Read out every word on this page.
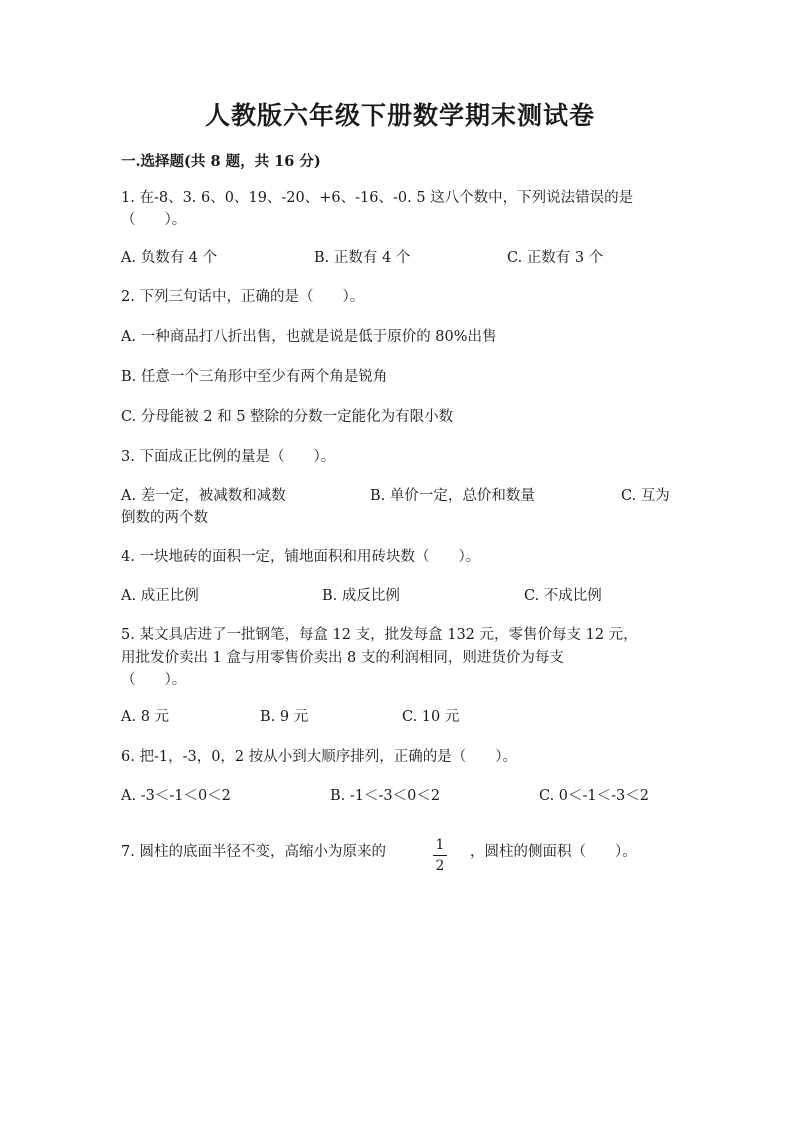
人教版六年级下册数学期末测试卷
一.选择题(共 8 题，共 16 分)
1. 在-8、3. 6、0、19、-20、+6、-16、-0. 5 这八个数中，下列说法错误的是
（　　）。
A. 负数有 4 个	B. 正数有 4 个	C. 正数有 3 个
2. 下列三句话中，正确的是（　　）。
A. 一种商品打八折出售，也就是说是低于原价的 80%出售
B. 任意一个三角形中至少有两个角是锐角
C. 分母能被 2 和 5 整除的分数一定能化为有限小数
3. 下面成正比例的量是（　　）。
A. 差一定，被减数和减数	B. 单价一定，总价和数量	C. 互为
倒数的两个数
4. 一块地砖的面积一定，铺地面积和用砖块数（　　）。
A. 成正比例	B. 成反比例	C. 不成比例
5. 某文具店进了一批钢笔，每盒 12 支，批发每盒 132 元，零售价每支 12 元，
用批发价卖出 1 盒与用零售价卖出 8 支的利润相同，则进货价为每支
（　　）。
A. 8 元	B. 9 元	C. 10 元
6. 把-1，-3，0，2 按从小到大顺序排列，正确的是（　　）。
A. -3＜-1＜0＜2	B. -1＜-3＜0＜2	C. 0＜-1＜-3＜2
7. 圆柱的底面半径不变，高缩小为原来的	1
2
，圆柱的侧面积（　　）。
